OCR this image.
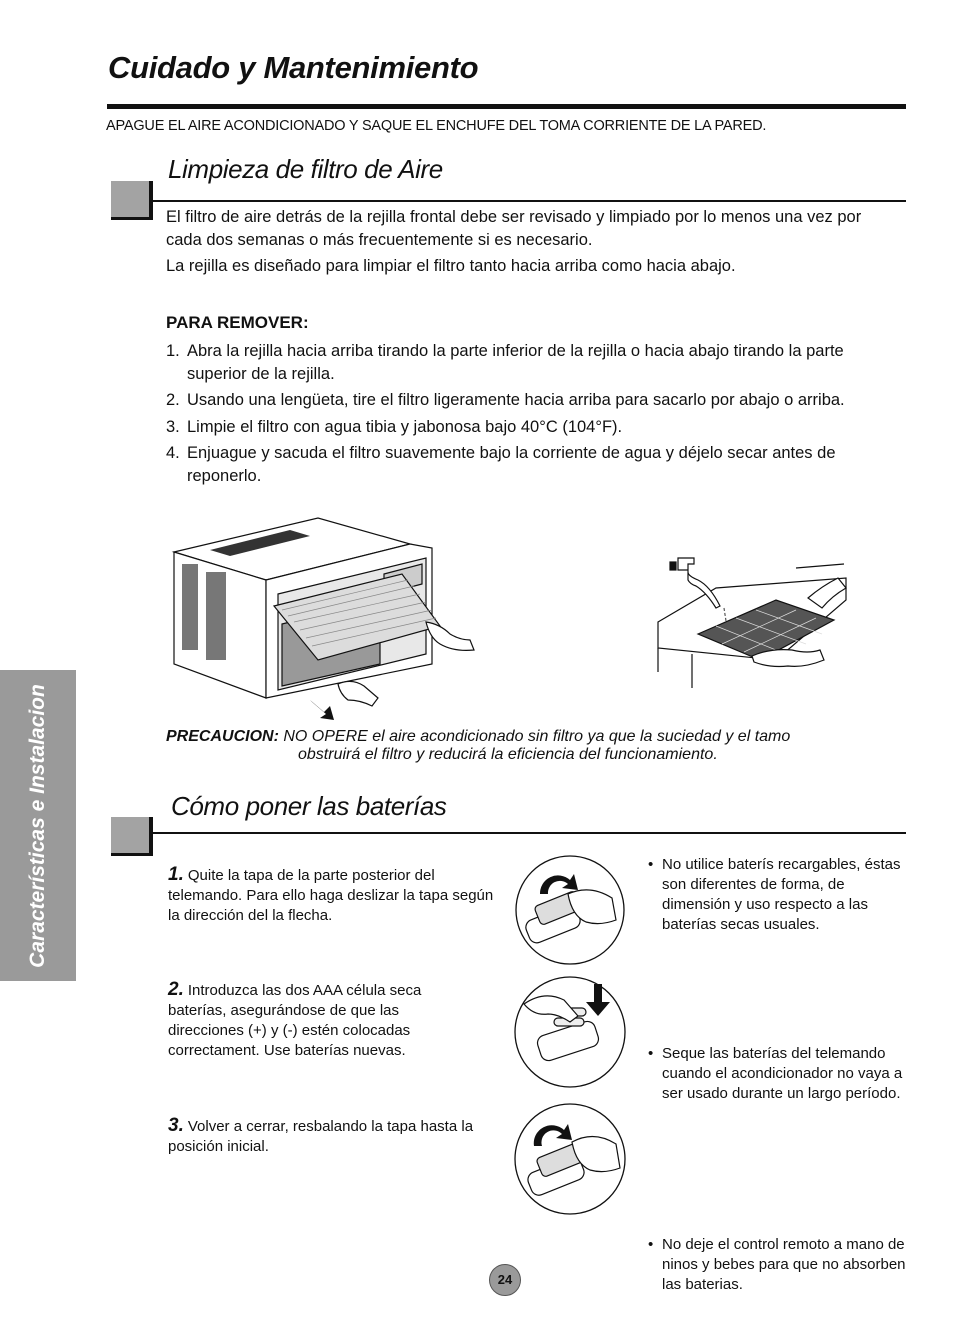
Cuidado y Mantenimiento
APAGUE EL AIRE ACONDICIONADO Y SAQUE EL ENCHUFE DEL TOMA CORRIENTE DE LA PARED.
Limpieza de filtro de Aire
El filtro de aire detrás de la rejilla frontal debe ser revisado y limpiado por lo menos una vez por cada dos semanas o más frecuentemente si es necesario.
La rejilla es diseñado para limpiar el filtro tanto hacia arriba como hacia abajo.
PARA REMOVER:
1. Abra la rejilla hacia arriba tirando la parte inferior de la rejilla o hacia abajo tirando la parte superior de la rejilla.
2. Usando una lengüeta, tire el filtro ligeramente hacia arriba para sacarlo por abajo o arriba.
3. Limpie el filtro con agua tibia y jabonosa bajo 40°C (104°F).
4. Enjuague y sacuda el filtro suavemente bajo la corriente de agua y déjelo secar antes de reponerlo.
PRECAUCION: NO OPERE el aire acondicionado sin filtro ya que la suciedad y el tamo
obstruirá el filtro y reducirá la eficiencia del funcionamiento.
Cómo poner las baterías
1. Quite la tapa de la parte posterior del telemando. Para ello haga deslizar la tapa según la dirección del la flecha.
2. Introduzca las dos AAA célula seca baterías, asegurándose de que las direcciones (+) y (-) estén colocadas correctament. Use baterías nuevas.
3. Volver a cerrar, resbalando la tapa hasta la posición inicial.
• No utilice baterís recargables, éstas son diferentes de forma, de dimensión y uso respecto a las baterías secas usuales.
• Seque las baterías del telemando cuando el acondicionador no vaya a ser usado durante un largo período.
• No deje el control remoto a mano de ninos y bebes para que no absorben las baterias.
Características e Instalacion
24
